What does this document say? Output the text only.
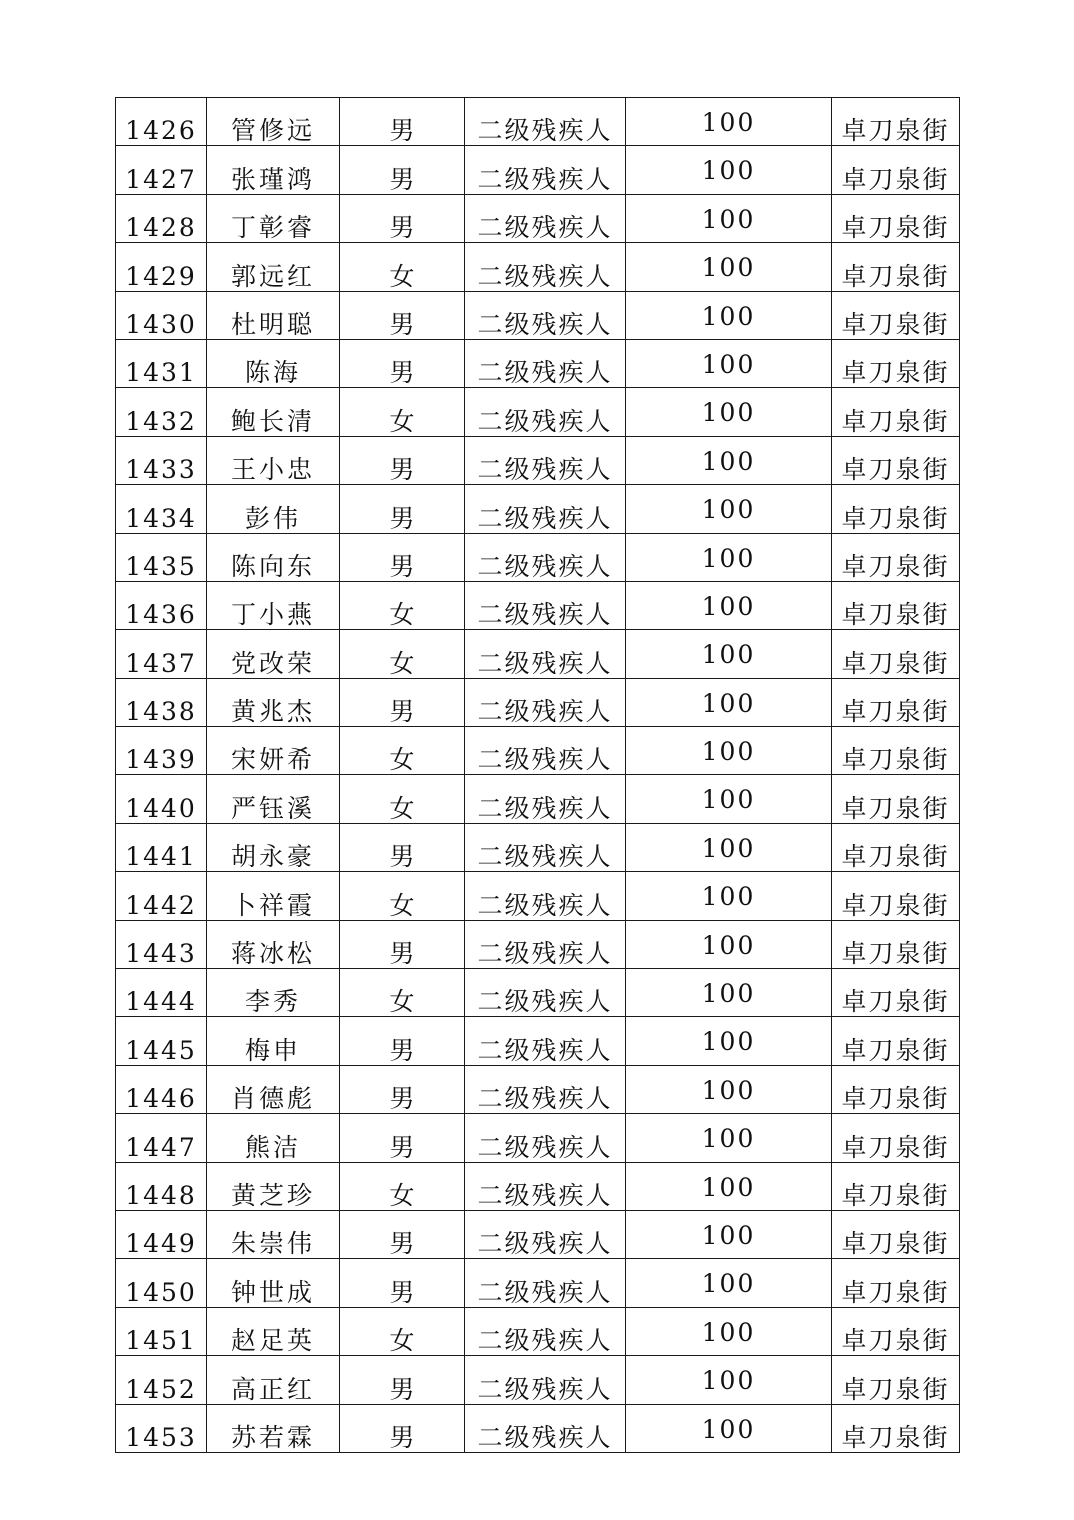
1426	管修远	男	二级残疾人	100	卓刀泉街
1427	张瑾鸿	男	二级残疾人	100	卓刀泉街
1428	丁彰睿	男	二级残疾人	100	卓刀泉街
1429	郭远红	女	二级残疾人	100	卓刀泉街
1430	杜明聪	男	二级残疾人	100	卓刀泉街
1431	陈海	男	二级残疾人	100	卓刀泉街
1432	鲍长清	女	二级残疾人	100	卓刀泉街
1433	王小忠	男	二级残疾人	100	卓刀泉街
1434	彭伟	男	二级残疾人	100	卓刀泉街
1435	陈向东	男	二级残疾人	100	卓刀泉街
1436	丁小燕	女	二级残疾人	100	卓刀泉街
1437	党改荣	女	二级残疾人	100	卓刀泉街
1438	黄兆杰	男	二级残疾人	100	卓刀泉街
1439	宋妍希	女	二级残疾人	100	卓刀泉街
1440	严钰溪	女	二级残疾人	100	卓刀泉街
1441	胡永豪	男	二级残疾人	100	卓刀泉街
1442	卜祥霞	女	二级残疾人	100	卓刀泉街
1443	蒋冰松	男	二级残疾人	100	卓刀泉街
1444	李秀	女	二级残疾人	100	卓刀泉街
1445	梅申	男	二级残疾人	100	卓刀泉街
1446	肖德彪	男	二级残疾人	100	卓刀泉街
1447	熊洁	男	二级残疾人	100	卓刀泉街
1448	黄芝珍	女	二级残疾人	100	卓刀泉街
1449	朱崇伟	男	二级残疾人	100	卓刀泉街
1450	钟世成	男	二级残疾人	100	卓刀泉街
1451	赵足英	女	二级残疾人	100	卓刀泉街
1452	高正红	男	二级残疾人	100	卓刀泉街
1453	苏若霖	男	二级残疾人	100	卓刀泉街
